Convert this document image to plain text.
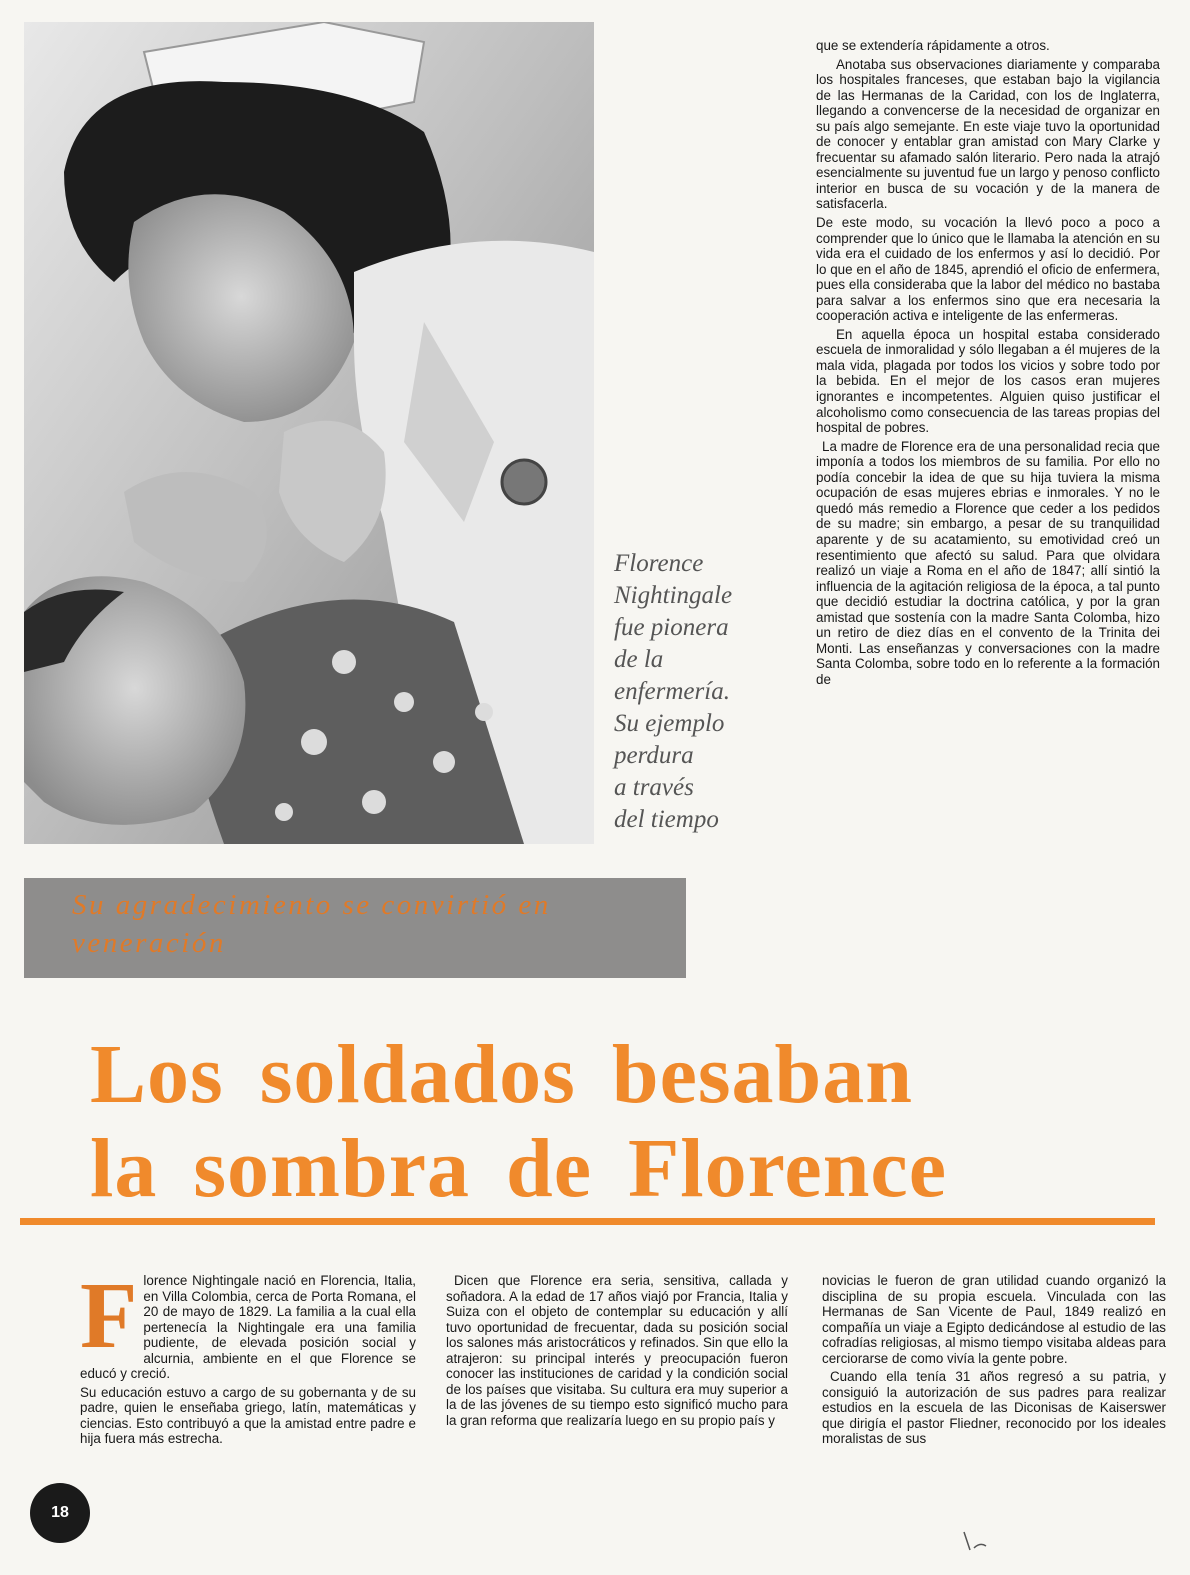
Florence
Nightingale
fue pionera
de la
enfermería.
Su ejemplo
perdura
a través
del tiempo
Su agradecimiento se convirtió en veneración

que se extendería rápidamente a otros.

Anotaba sus observaciones diariamente y comparaba los hospitales franceses, que estaban bajo la vigilancia de las Hermanas de la Caridad, con los de Inglaterra, llegando a convencerse de la necesidad de organizar en su país algo semejante. En este viaje tuvo la oportunidad de conocer y entablar gran amistad con Mary Clarke y frecuentar su afamado salón literario. Pero nada la atrajó esencialmente su juventud fue un largo y penoso conflicto interior en busca de su vocación y de la manera de satisfacerla.

De este modo, su vocación la llevó poco a poco a comprender que lo único que le llamaba la atención en su vida era el cuidado de los enfermos y así lo decidió. Por lo que en el año de 1845, aprendió el oficio de enfermera, pues ella consideraba que la labor del médico no bastaba para salvar a los enfermos sino que era necesaria la cooperación activa e inteligente de las enfermeras.

En aquella época un hospital estaba considerado escuela de inmoralidad y sólo llegaban a él mujeres de la mala vida, plagada por todos los vicios y sobre todo por la bebida. En el mejor de los casos eran mujeres ignorantes e incompetentes. Alguien quiso justificar el alcoholismo como consecuencia de las tareas propias del hospital de pobres.

La madre de Florence era de una personalidad recia que imponía a todos los miembros de su familia. Por ello no podía concebir la idea de que su hija tuviera la misma ocupación de esas mujeres ebrias e inmorales. Y no le quedó más remedio a Florence que ceder a los pedidos de su madre; sin embargo, a pesar de su tranquilidad aparente y de su acatamiento, su emotividad creó un resentimiento que afectó su salud. Para que olvidara realizó un viaje a Roma en el año de 1847; allí sintió la influencia de la agitación religiosa de la época, a tal punto que decidió estudiar la doctrina católica, y por la gran amistad que sostenía con la madre Santa Colomba, hizo un retiro de diez días en el convento de la Trinita dei Monti. Las enseñanzas y conversaciones con la madre Santa Colomba, sobre todo en lo referente a la formación de

Los soldados besaban
la sombra de Florence

Florence Nightingale nació en Florencia, Italia, en Villa Colombia, cerca de Porta Romana, el 20 de mayo de 1829. La familia a la cual ella pertenecía la Nightingale era una familia pudiente, de elevada posición social y alcurnia, ambiente en el que Florence se educó y creció.

Su educación estuvo a cargo de su gobernanta y de su padre, quien le enseñaba griego, latín, matemáticas y ciencias. Esto contribuyó a que la amistad entre padre e hija fuera más estrecha.

Dicen que Florence era seria, sensitiva, callada y soñadora. A la edad de 17 años viajó por Francia, Italia y Suiza con el objeto de contemplar su educación y allí tuvo oportunidad de frecuentar, dada su posición social los salones más aristocráticos y refinados. Sin que ello la atrajeron: su principal interés y preocupación fueron conocer las instituciones de caridad y la condición social de los países que visitaba. Su cultura era muy superior a la de las jóvenes de su tiempo esto significó mucho para la gran reforma que realizaría luego en su propio país y

novicias le fueron de gran utilidad cuando organizó la disciplina de su propia escuela. Vinculada con las Hermanas de San Vicente de Paul, 1849 realizó en compañía un viaje a Egipto dedicándose al estudio de las cofradías religiosas, al mismo tiempo visitaba aldeas para cerciorarse de como vivía la gente pobre.

Cuando ella tenía 31 años regresó a su patria, y consiguió la autorización de sus padres para realizar estudios en la escuela de las Diconisas de Kaiserswer que dirigía el pastor Fliedner, reconocido por los ideales moralistas de sus

18
